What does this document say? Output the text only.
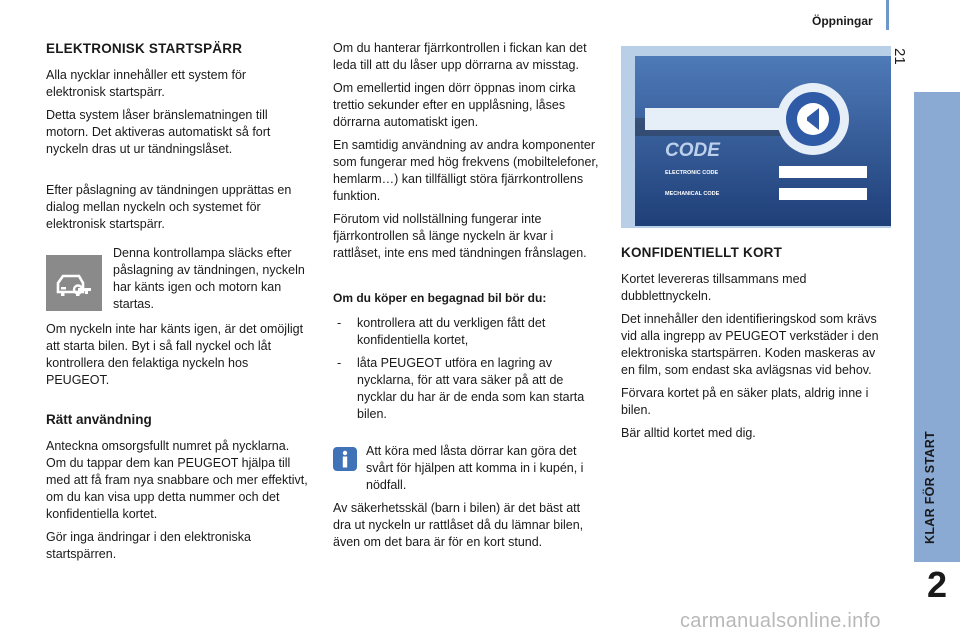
Öppningar
21
KLAR FÖR START
2
ELEKTRONISK STARTSPÄRR

Alla nycklar innehåller ett system för elektronisk startspärr.

Detta system låser bränslematningen till motorn. Det aktiveras automatiskt så fort nyckeln dras ut ur tändningslåset.

Efter påslagning av tändningen upprättas en dialog mellan nyckeln och systemet för elektronisk startspärr.

Denna kontrollampa släcks efter påslagning av tändningen, nyckeln har känts igen och motorn kan startas.

Om nyckeln inte har känts igen, är det omöjligt att starta bilen. Byt i så fall nyckel och låt kontrollera den felaktiga nyckeln hos PEUGEOT.

Rätt användning

Anteckna omsorgsfullt numret på nycklarna. Om du tappar dem kan PEUGEOT hjälpa till med att få fram nya snabbare och mer effektivt, om du kan visa upp detta nummer och det konfidentiella kortet.

Gör inga ändringar i den elektroniska startspärren.

Om du hanterar fjärrkontrollen i fickan kan det leda till att du låser upp dörrarna av misstag.

Om emellertid ingen dörr öppnas inom cirka trettio sekunder efter en upplåsning, låses dörrarna automatiskt igen.

En samtidig användning av andra komponenter som fungerar med hög frekvens (mobiltelefoner, hemlarm…) kan tillfälligt störa fjärrkontrollens funktion.

Förutom vid nollställning fungerar inte fjärrkontrollen så länge nyckeln är kvar i rattlåset, inte ens med tändningen frånslagen.

Om du köper en begagnad bil bör du:
- kontrollera att du verkligen fått det konfidentiella kortet,
- låta PEUGEOT utföra en lagring av nycklarna, för att vara säker på att de nycklar du har är de enda som kan starta bilen.

Att köra med låsta dörrar kan göra det svårt för hjälpen att komma in i kupén, i nödfall.

Av säkerhetsskäl (barn i bilen) är det bäst att dra ut nyckeln ur rattlåset då du lämnar bilen, även om det bara är för en kort stund.

CODE
ELECTRONIC CODE
MECHANICAL CODE
KONFIDENTIELLT KORT

Kortet levereras tillsammans med dubblettnyckeln.

Det innehåller den identifieringskod som krävs vid alla ingrepp av PEUGEOT verkstäder i den elektroniska startspärren. Koden maskeras av en film, som endast ska avlägsnas vid behov.

Förvara kortet på en säker plats, aldrig inne i bilen.

Bär alltid kortet med dig.

carmanualsonline.info
